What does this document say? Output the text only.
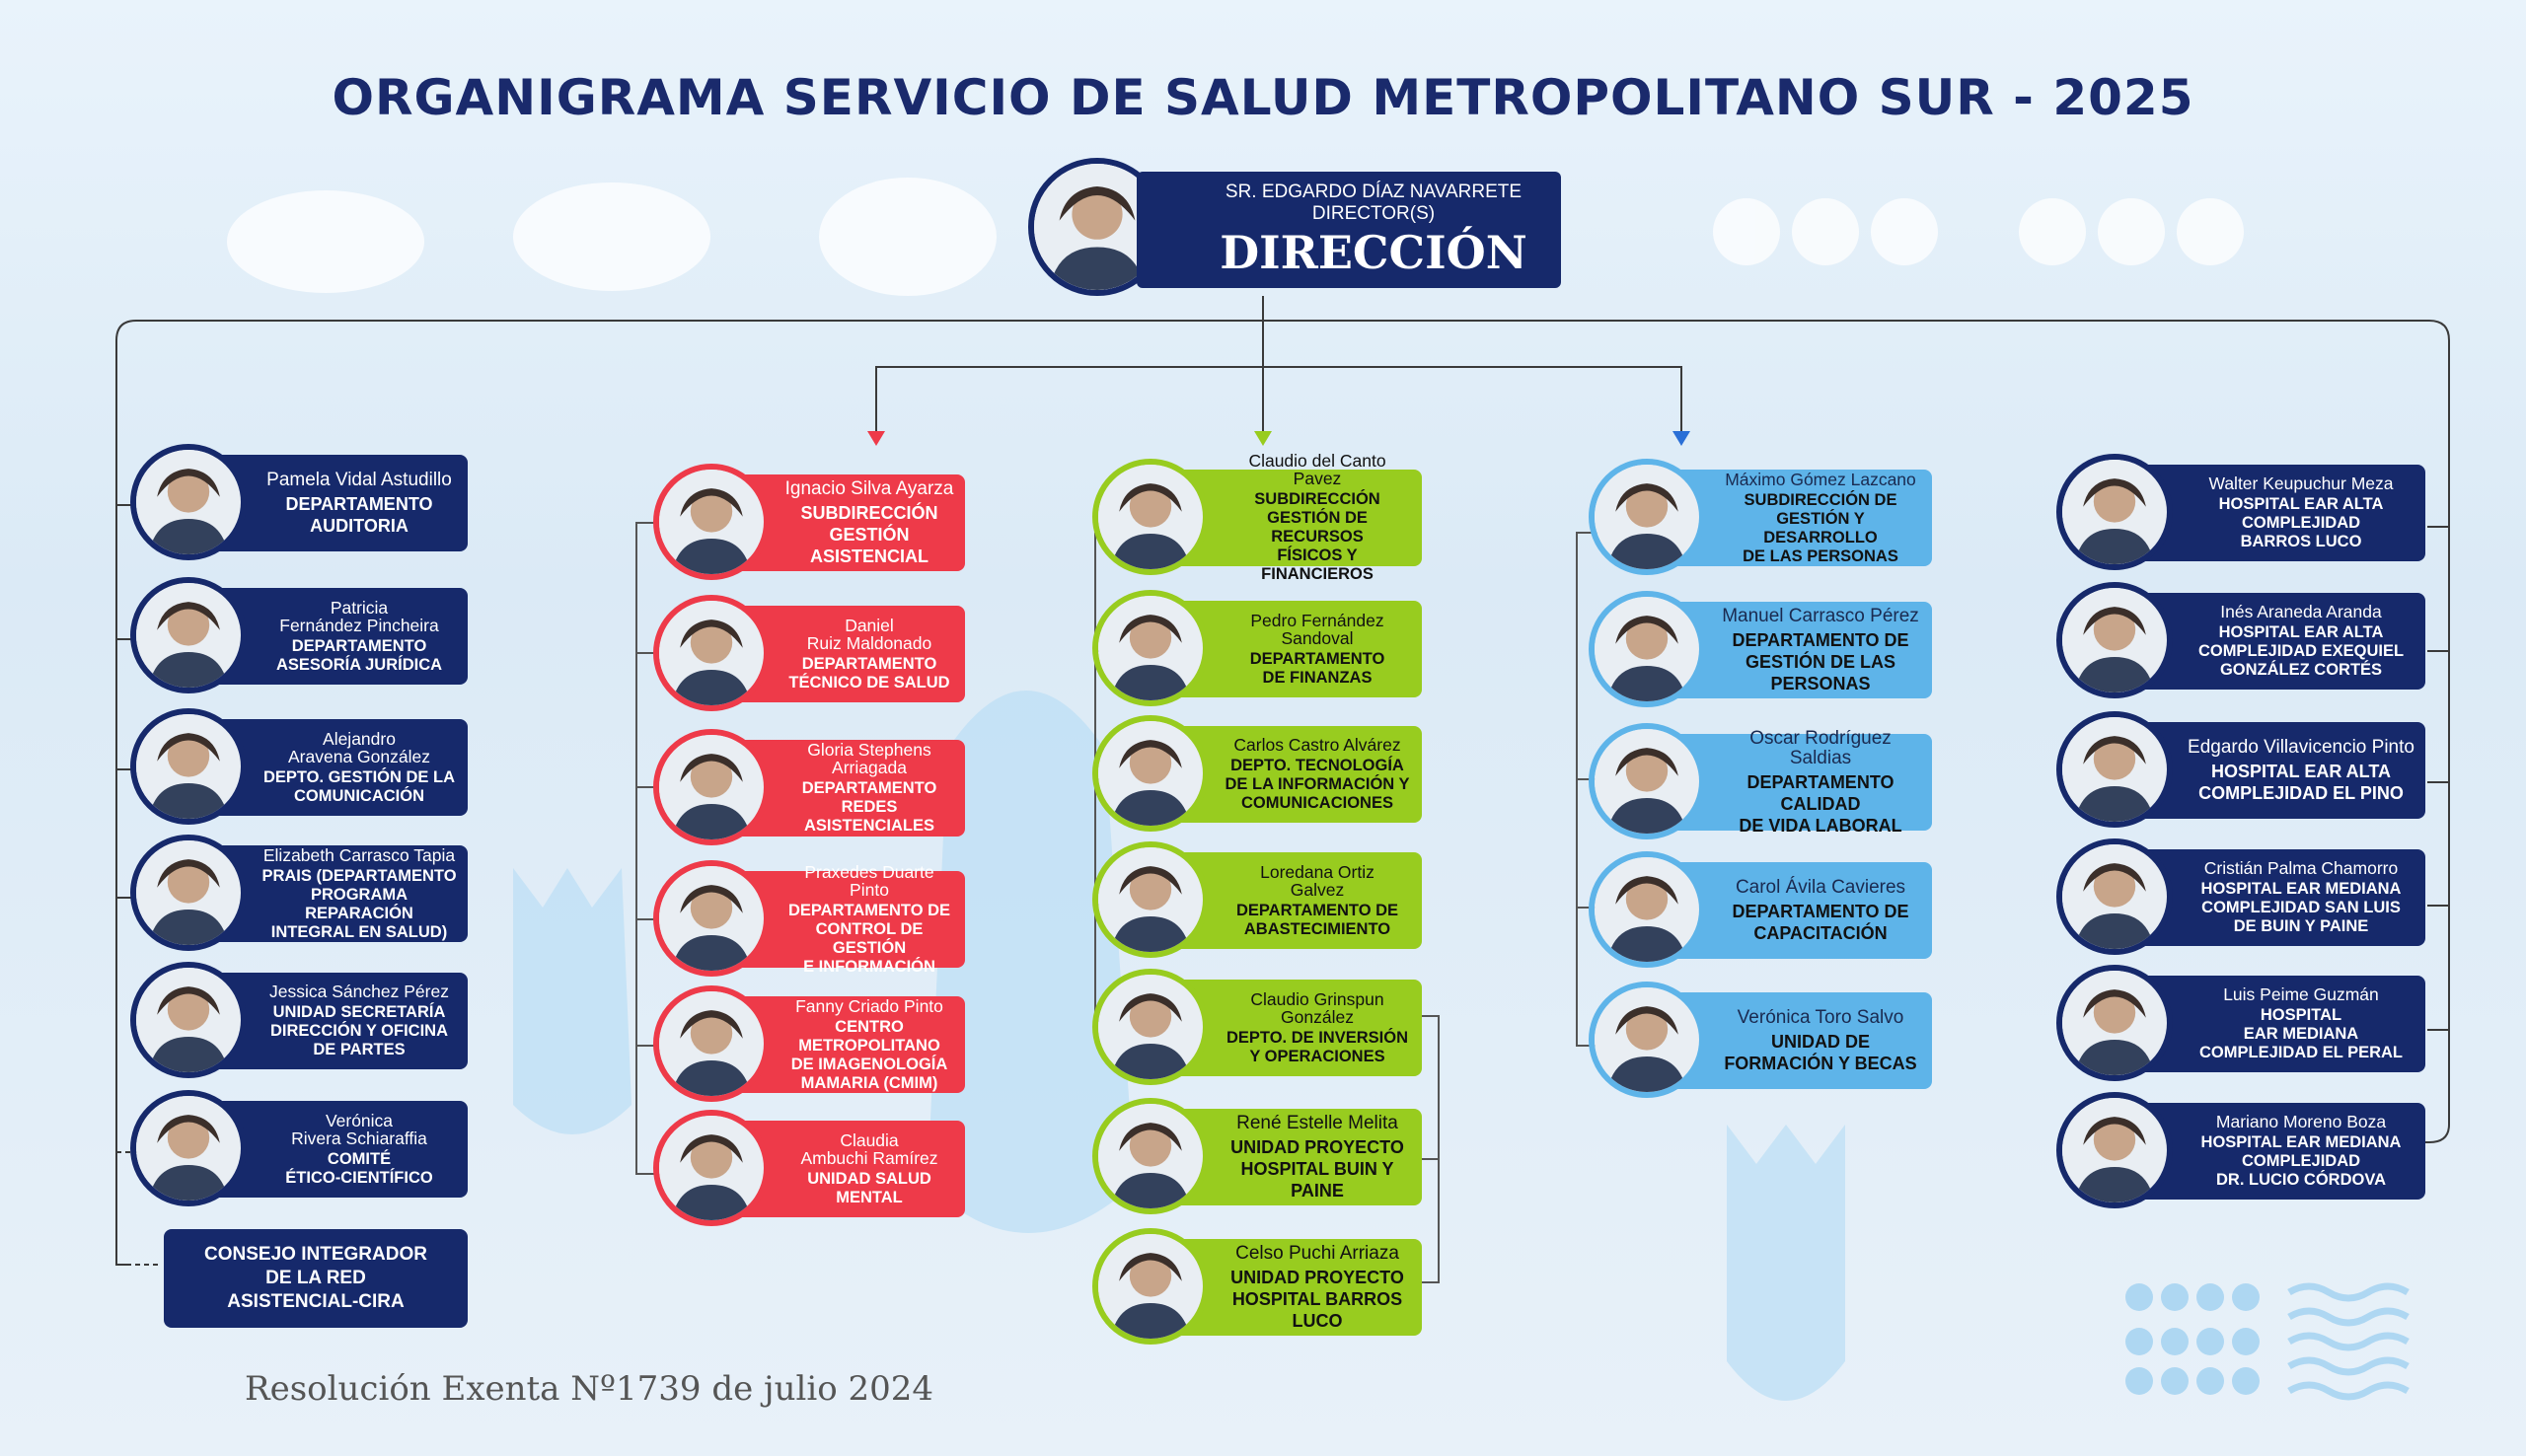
ORGANIGRAMA SERVICIO DE SALUD METROPOLITANO SUR - 2025
SR. EDGARDO DÍAZ NAVARRETE
DIRECTOR(S)
DIRECCIÓN
Pamela Vidal Astudillo
DEPARTAMENTO
AUDITORIA
Patricia
Fernández Pincheira
DEPARTAMENTO
ASESORÍA JURÍDICA
Alejandro
Aravena González
DEPTO. GESTIÓN DE LA
COMUNICACIÓN
Elizabeth Carrasco Tapia
PRAIS (DEPARTAMENTO
PROGRAMA REPARACIÓN
INTEGRAL EN SALUD)
Jessica Sánchez Pérez
UNIDAD SECRETARÍA
DIRECCIÓN Y OFICINA
DE PARTES
Verónica
Rivera Schiaraffia
COMITÉ
ÉTICO-CIENTÍFICO
Ignacio Silva Ayarza
SUBDIRECCIÓN
GESTIÓN ASISTENCIAL
Daniel
Ruiz Maldonado
DEPARTAMENTO
TÉCNICO DE SALUD
Gloria Stephens
Arriagada
DEPARTAMENTO
REDES ASISTENCIALES
Praxedes Duarte Pinto
DEPARTAMENTO DE
CONTROL DE GESTIÓN
E INFORMACIÓN
Fanny Criado Pinto
CENTRO METROPOLITANO
DE IMAGENOLOGÍA
MAMARIA (CMIM)
Claudia
Ambuchi Ramírez
UNIDAD SALUD
MENTAL
Claudio del Canto
Pavez
SUBDIRECCIÓN
GESTIÓN DE RECURSOS
FÍSICOS Y FINANCIEROS
Pedro Fernández
Sandoval
DEPARTAMENTO
DE FINANZAS
Carlos Castro Alvárez
DEPTO. TECNOLOGÍA
DE LA INFORMACIÓN Y
COMUNICACIONES
Loredana Ortiz
Galvez
DEPARTAMENTO DE
ABASTECIMIENTO
Claudio Grinspun
González
DEPTO. DE INVERSIÓN
Y OPERACIONES
René Estelle Melita
UNIDAD PROYECTO
HOSPITAL BUIN Y PAINE
Celso Puchi Arriaza
UNIDAD PROYECTO
HOSPITAL BARROS LUCO
Máximo Gómez Lazcano
SUBDIRECCIÓN DE
GESTIÓN Y DESARROLLO
DE LAS PERSONAS
Manuel Carrasco Pérez
DEPARTAMENTO DE
GESTIÓN DE LAS PERSONAS
Oscar Rodríguez Saldias
DEPARTAMENTO CALIDAD
DE VIDA LABORAL
Carol Ávila Cavieres
DEPARTAMENTO DE
CAPACITACIÓN
Verónica Toro Salvo
UNIDAD DE
FORMACIÓN Y BECAS
Walter Keupuchur Meza
HOSPITAL EAR ALTA
COMPLEJIDAD
BARROS LUCO
Inés Araneda Aranda
HOSPITAL EAR ALTA
COMPLEJIDAD EXEQUIEL
GONZÁLEZ CORTÉS
Edgardo Villavicencio Pinto
HOSPITAL EAR ALTA
COMPLEJIDAD EL PINO
Cristián Palma Chamorro
HOSPITAL EAR MEDIANA
COMPLEJIDAD SAN LUIS
DE BUIN Y PAINE
Luis Peime Guzmán
HOSPITAL
EAR MEDIANA
COMPLEJIDAD EL PERAL
Mariano Moreno Boza
HOSPITAL EAR MEDIANA
COMPLEJIDAD
DR. LUCIO CÓRDOVA
CONSEJO INTEGRADOR
DE LA RED
ASISTENCIAL-CIRA
Resolución Exenta Nº1739 de julio 2024
